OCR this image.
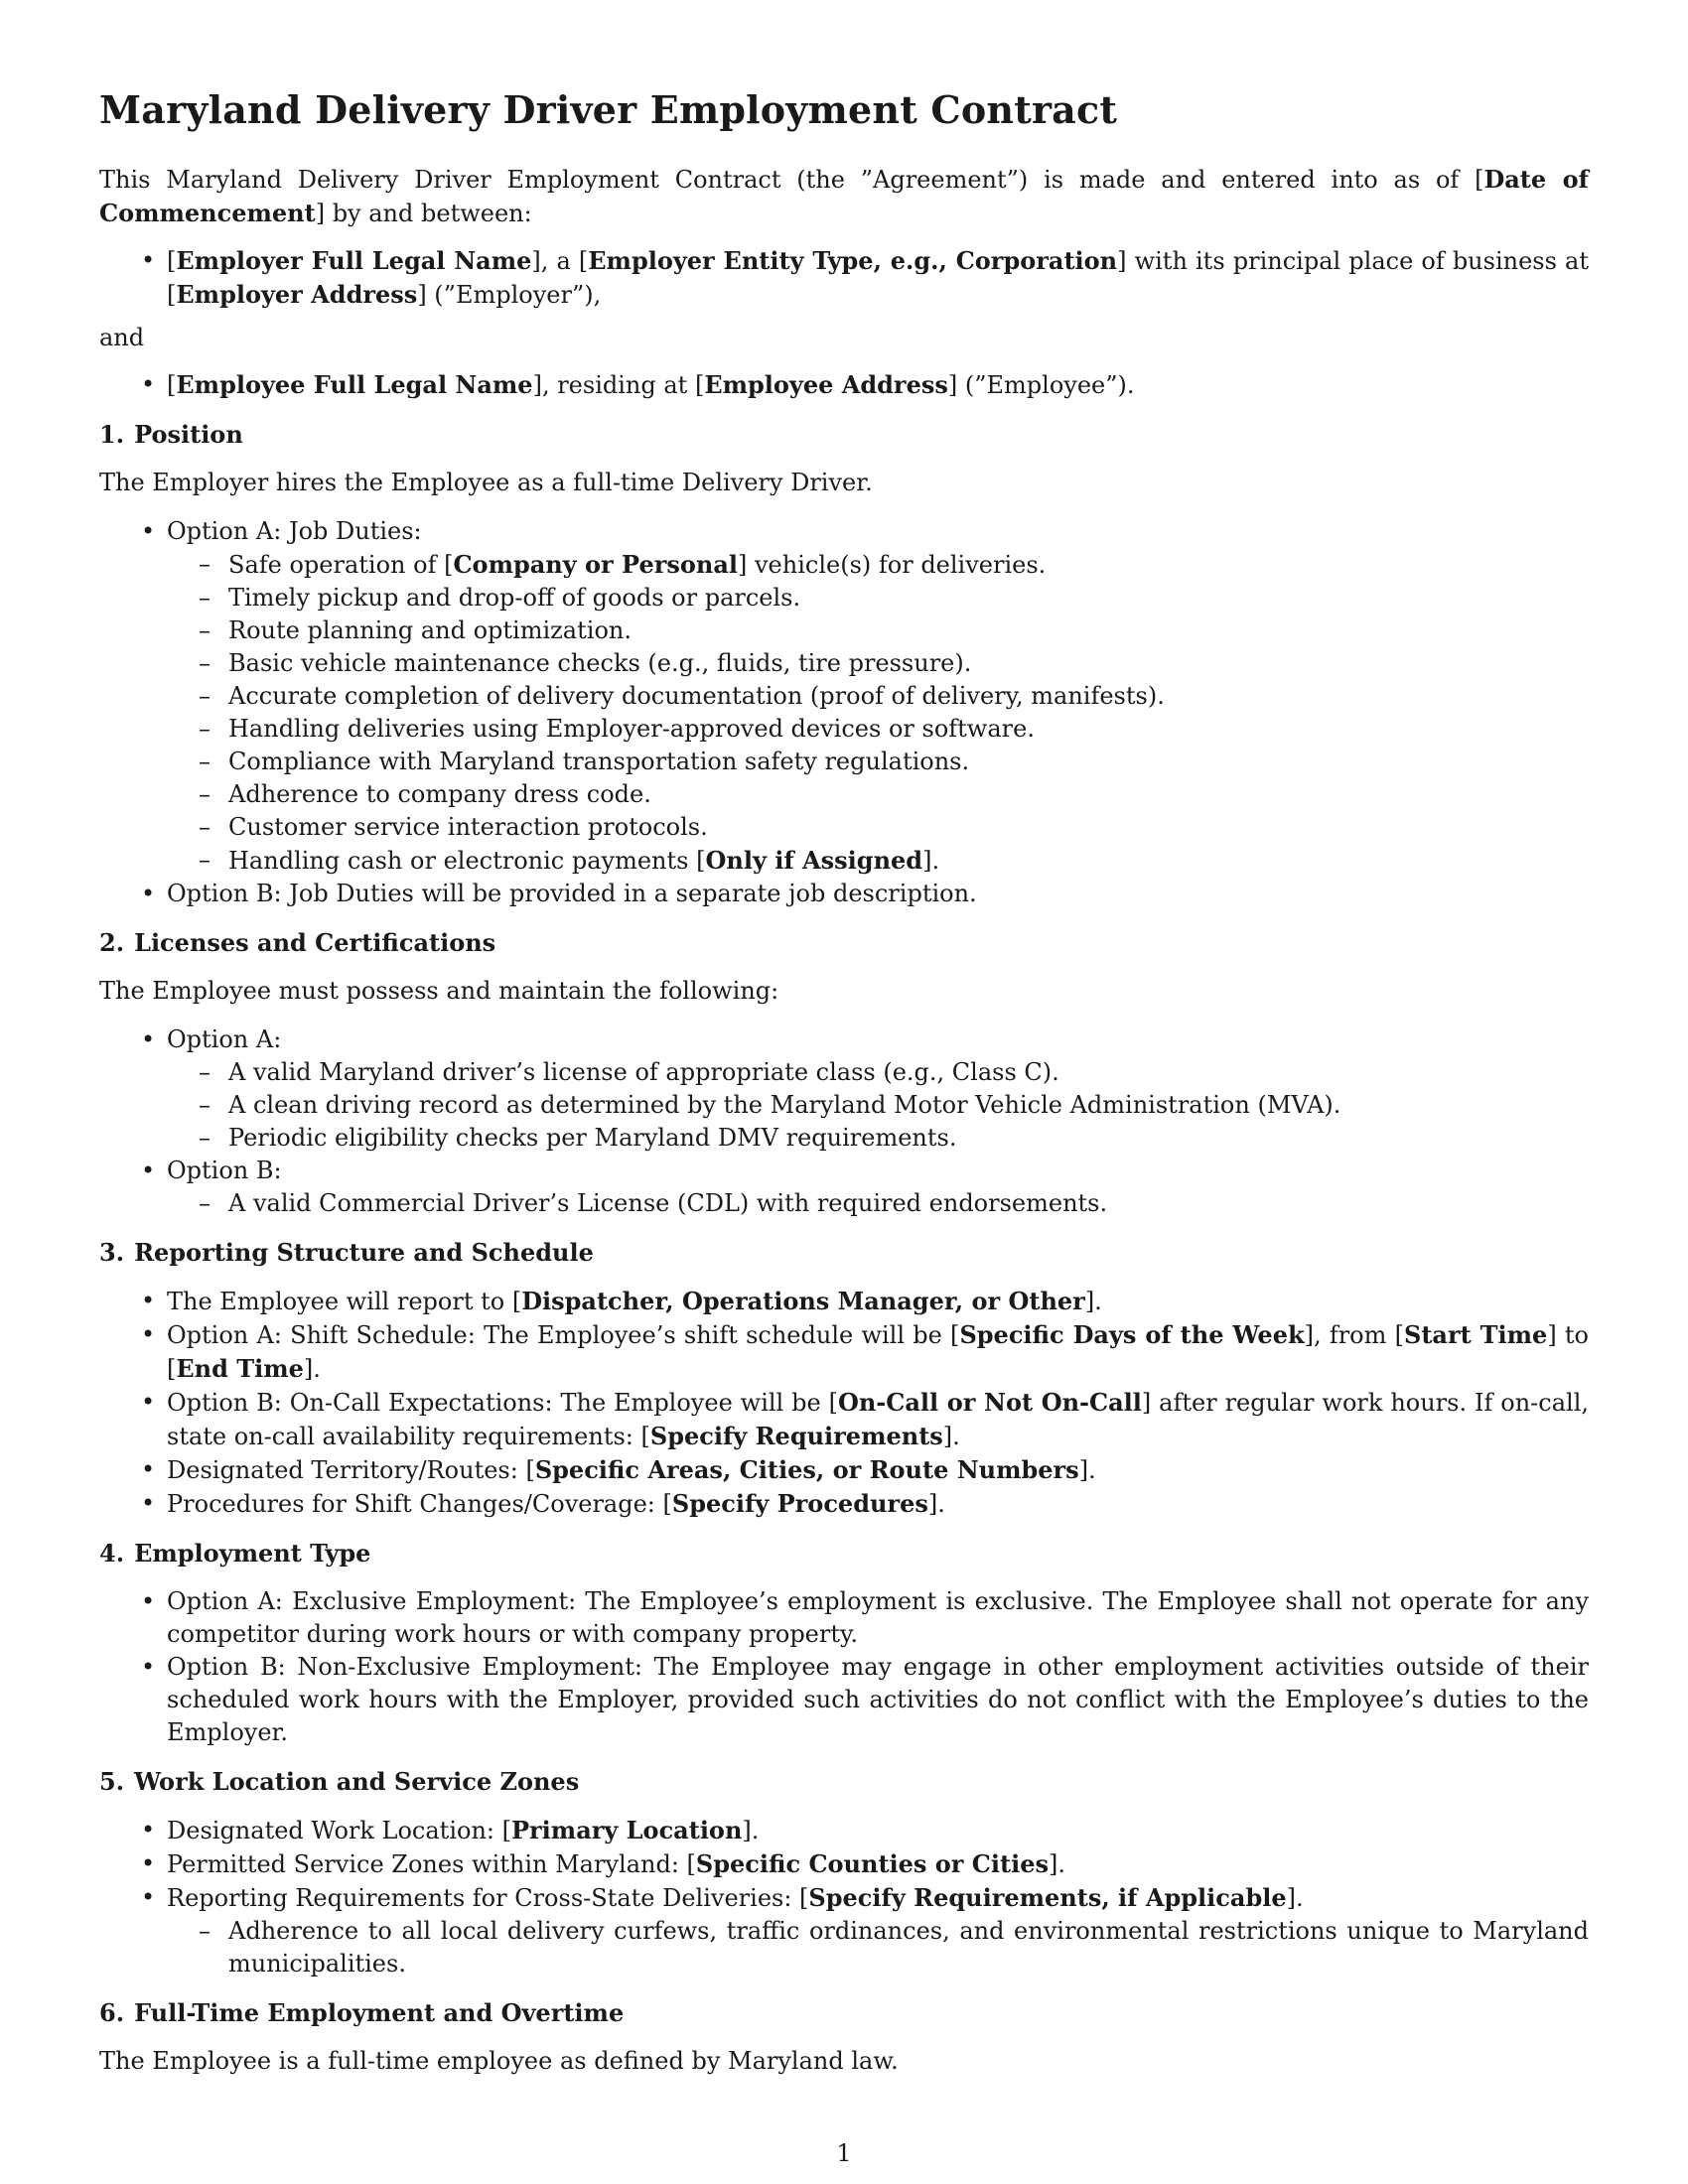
Maryland Delivery Driver Employment Contract

This Maryland Delivery Driver Employment Contract (the ”Agreement”) is made and entered into as of [Date of Commencement] by and between:

• [Employer Full Legal Name], a [Employer Entity Type, e.g., Corporation] with its principal place of business at [Employer Address] (”Employer”),

and

• [Employee Full Legal Name], residing at [Employee Address] (”Employee”).
1. Position

The Employer hires the Employee as a full-time Delivery Driver.

• Option A: Job Duties:
– Safe operation of [Company or Personal] vehicle(s) for deliveries.
– Timely pickup and drop-off of goods or parcels.
– Route planning and optimization.
– Basic vehicle maintenance checks (e.g., fluids, tire pressure).
– Accurate completion of delivery documentation (proof of delivery, manifests).
– Handling deliveries using Employer-approved devices or software.
– Compliance with Maryland transportation safety regulations.
– Adherence to company dress code.
– Customer service interaction protocols.
– Handling cash or electronic payments [Only if Assigned].
• Option B: Job Duties will be provided in a separate job description.
2. Licenses and Certifications

The Employee must possess and maintain the following:

• Option A:
– A valid Maryland driver’s license of appropriate class (e.g., Class C).
– A clean driving record as determined by the Maryland Motor Vehicle Administration (MVA).
– Periodic eligibility checks per Maryland DMV requirements.
• Option B:
– A valid Commercial Driver’s License (CDL) with required endorsements.
3. Reporting Structure and Schedule
• The Employee will report to [Dispatcher, Operations Manager, or Other].
• Option A: Shift Schedule: The Employee’s shift schedule will be [Specific Days of the Week], from [Start Time] to [End Time].
• Option B: On-Call Expectations: The Employee will be [On-Call or Not On-Call] after regular work hours. If on-call, state on-call availability requirements: [Specify Requirements].
• Designated Territory/Routes: [Specific Areas, Cities, or Route Numbers].
• Procedures for Shift Changes/Coverage: [Specify Procedures].
4. Employment Type
• Option A: Exclusive Employment: The Employee’s employment is exclusive. The Employee shall not operate for any competitor during work hours or with company property.
• Option B: Non-Exclusive Employment: The Employee may engage in other employment activities outside of their scheduled work hours with the Employer, provided such activities do not conflict with the Employee’s duties to the Employer.
5. Work Location and Service Zones
• Designated Work Location: [Primary Location].
• Permitted Service Zones within Maryland: [Specific Counties or Cities].
• Reporting Requirements for Cross-State Deliveries: [Specify Requirements, if Applicable].
– Adherence to all local delivery curfews, traffic ordinances, and environmental restrictions unique to Maryland municipalities.
6. Full-Time Employment and Overtime

The Employee is a full-time employee as defined by Maryland law.

1
